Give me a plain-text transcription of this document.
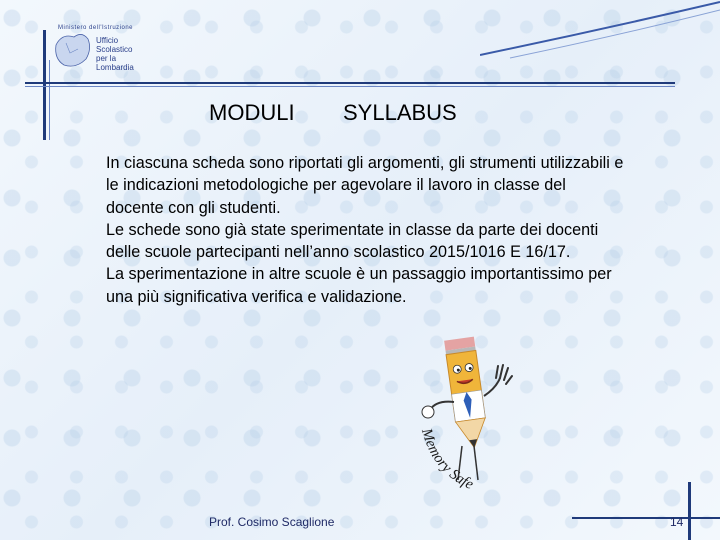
Ministero dell'Istruzione
Ufficio
Scolastico
per la
Lombardia
MODULI SYLLABUS

In ciascuna scheda sono riportati gli argomenti, gli strumenti utilizzabili e le indicazioni metodologiche per agevolare il lavoro in classe del docente con gli studenti.

Le schede sono già state sperimentate in classe da parte dei docenti delle scuole partecipanti nell’anno scolastico 2015/1016 E 16/17.

La sperimentazione in altre scuole è un passaggio importantissimo per una più significativa verifica e validazione.

Memory Safe
Prof. Cosimo Scaglione	14
